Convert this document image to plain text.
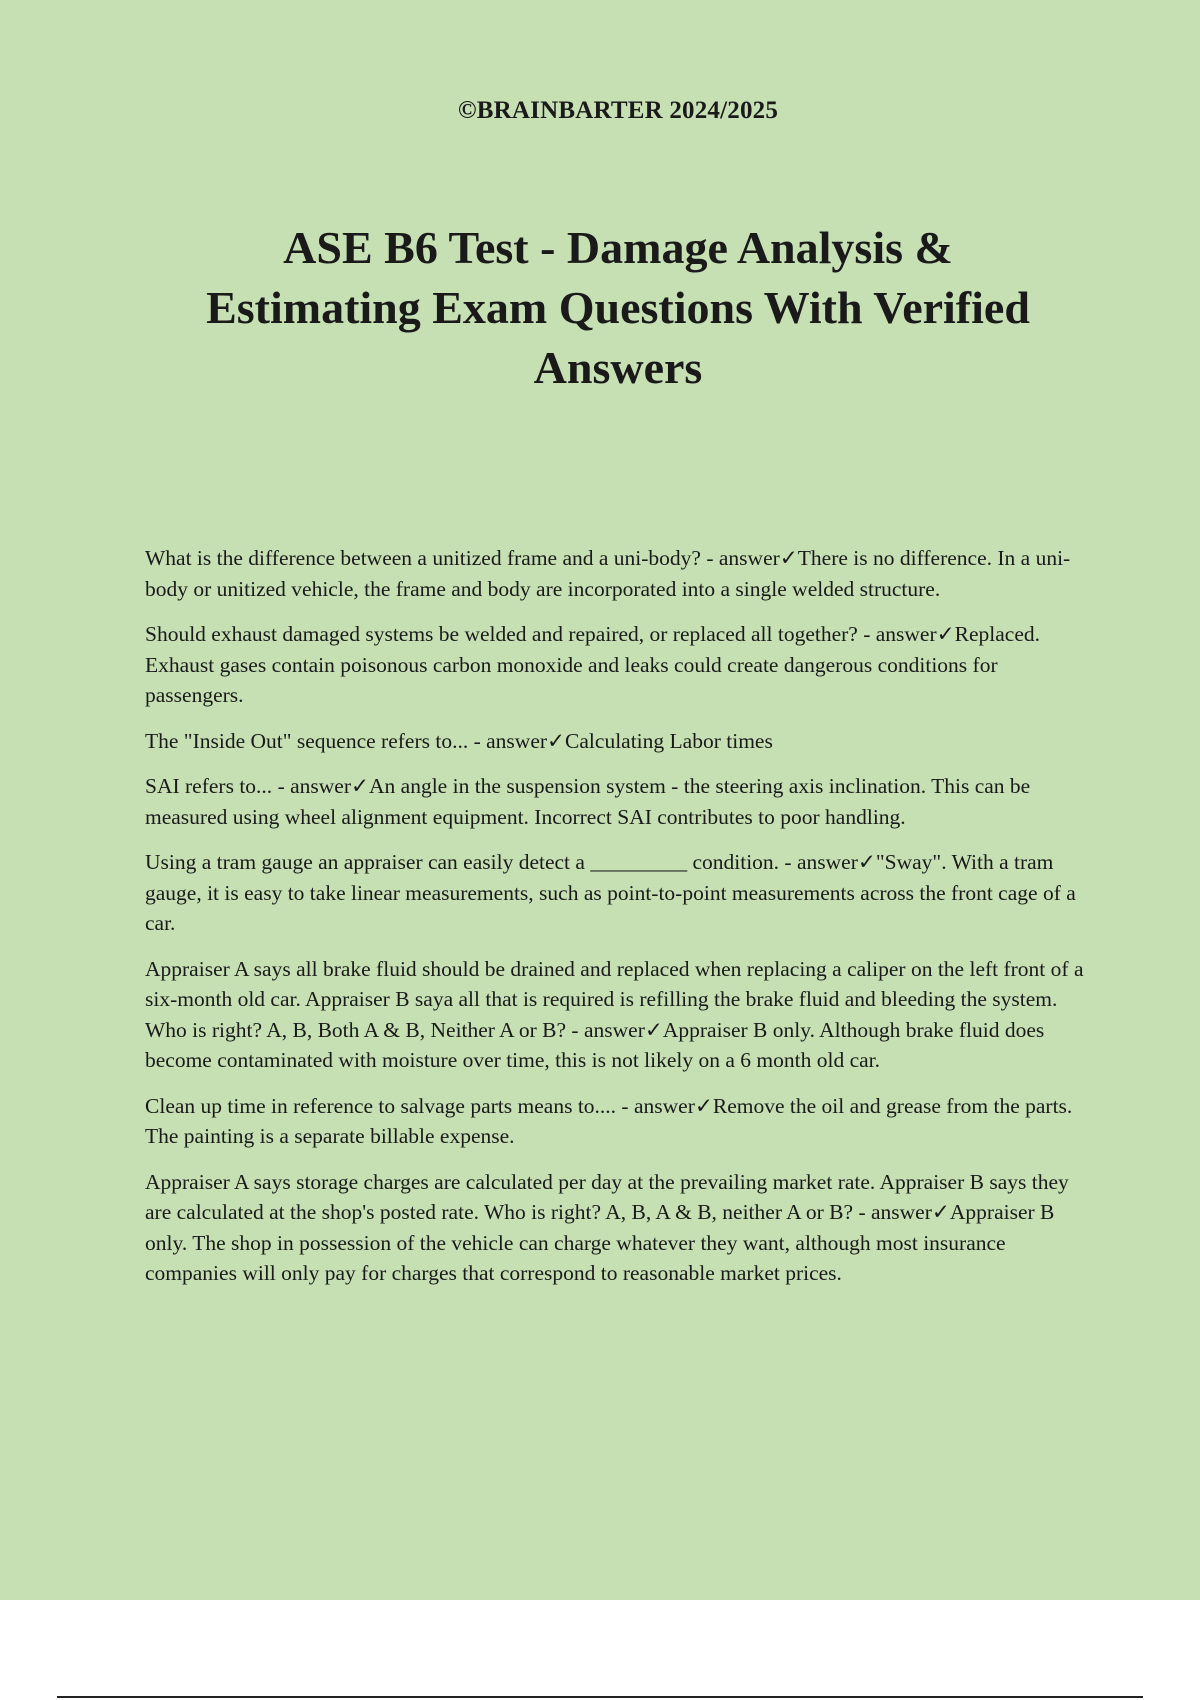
©BRAINBARTER 2024/2025
ASE B6 Test - Damage Analysis &
Estimating Exam Questions With Verified
Answers

What is the difference between a unitized frame and a uni-body? - answer✓There is no difference. In a uni-body or unitized vehicle, the frame and body are incorporated into a single welded structure.

Should exhaust damaged systems be welded and repaired, or replaced all together? - answer✓Replaced. Exhaust gases contain poisonous carbon monoxide and leaks could create dangerous conditions for passengers.

The "Inside Out" sequence refers to... - answer✓Calculating Labor times

SAI refers to... - answer✓An angle in the suspension system - the steering axis inclination. This can be measured using wheel alignment equipment. Incorrect SAI contributes to poor handling.

Using a tram gauge an appraiser can easily detect a _________ condition. - answer✓"Sway". With a tram gauge, it is easy to take linear measurements, such as point-to-point measurements across the front cage of a car.

Appraiser A says all brake fluid should be drained and replaced when replacing a caliper on the left front of a six-month old car. Appraiser B saya all that is required is refilling the brake fluid and bleeding the system. Who is right? A, B, Both A & B, Neither A or B? - answer✓Appraiser B only. Although brake fluid does become contaminated with moisture over time, this is not likely on a 6 month old car.

Clean up time in reference to salvage parts means to.... - answer✓Remove the oil and grease from the parts. The painting is a separate billable expense.

Appraiser A says storage charges are calculated per day at the prevailing market rate. Appraiser B says they are calculated at the shop's posted rate. Who is right? A, B, A & B, neither A or B? - answer✓Appraiser B only. The shop in possession of the vehicle can charge whatever they want, although most insurance companies will only pay for charges that correspond to reasonable market prices.
